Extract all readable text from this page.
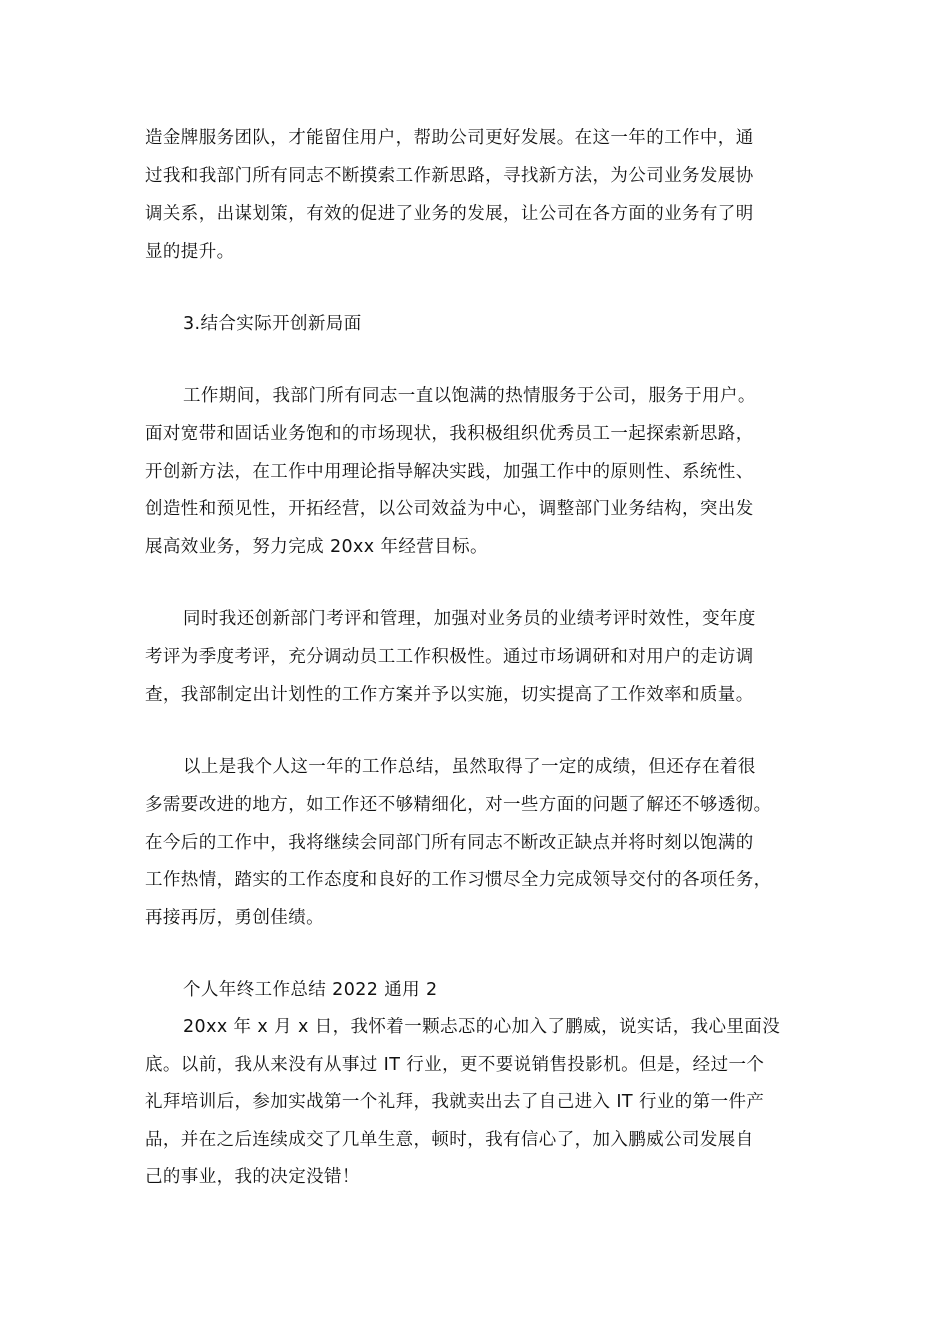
造金牌服务团队，才能留住用户，帮助公司更好发展。在这一年的工作中，通
过我和我部门所有同志不断摸索工作新思路，寻找新方法，为公司业务发展协
调关系，出谋划策，有效的促进了业务的发展，让公司在各方面的业务有了明
显的提升。
3.结合实际开创新局面
工作期间，我部门所有同志一直以饱满的热情服务于公司，服务于用户。
面对宽带和固话业务饱和的市场现状，我积极组织优秀员工一起探索新思路，
开创新方法，在工作中用理论指导解决实践，加强工作中的原则性、系统性、
创造性和预见性，开拓经营，以公司效益为中心，调整部门业务结构，突出发
展高效业务，努力完成 20xx 年经营目标。
同时我还创新部门考评和管理，加强对业务员的业绩考评时效性，变年度
考评为季度考评，充分调动员工工作积极性。通过市场调研和对用户的走访调
查，我部制定出计划性的工作方案并予以实施，切实提高了工作效率和质量。
以上是我个人这一年的工作总结，虽然取得了一定的成绩，但还存在着很
多需要改进的地方，如工作还不够精细化，对一些方面的问题了解还不够透彻。
在今后的工作中，我将继续会同部门所有同志不断改正缺点并将时刻以饱满的
工作热情，踏实的工作态度和良好的工作习惯尽全力完成领导交付的各项任务，
再接再厉，勇创佳绩。
个人年终工作总结 2022 通用 2
20xx 年 x 月 x 日，我怀着一颗忐忑的心加入了鹏威，说实话，我心里面没
底。以前，我从来没有从事过 IT 行业，更不要说销售投影机。但是，经过一个
礼拜培训后，参加实战第一个礼拜，我就卖出去了自己进入 IT 行业的第一件产
品，并在之后连续成交了几单生意，顿时，我有信心了，加入鹏威公司发展自
己的事业，我的决定没错！
